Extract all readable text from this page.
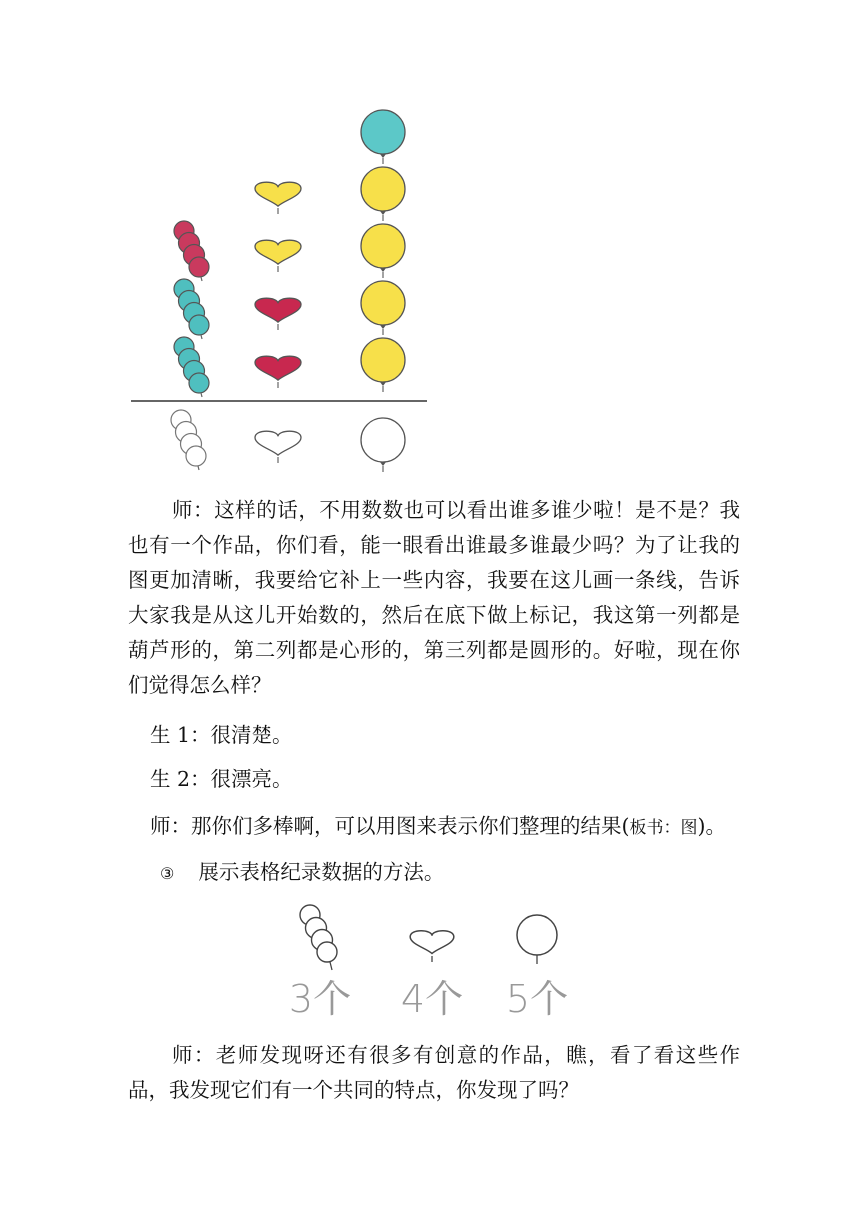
师：这样的话，不用数数也可以看出谁多谁少啦！是不是？我也有一个作品，你们看，能一眼看出谁最多谁最少吗？为了让我的图更加清晰，我要给它补上一些内容，我要在这儿画一条线，告诉大家我是从这儿开始数的，然后在底下做上标记，我这第一列都是葫芦形的，第二列都是心形的，第三列都是圆形的。好啦，现在你们觉得怎么样？

生 1：很清楚。

生 2：很漂亮。

师：那你们多棒啊，可以用图来表示你们整理的结果(板书：图)。

③ 展示表格纪录数据的方法。

3个 4个 5个

师：老师发现呀还有很多有创意的作品，瞧，看了看这些作品，我发现它们有一个共同的特点，你发现了吗？
